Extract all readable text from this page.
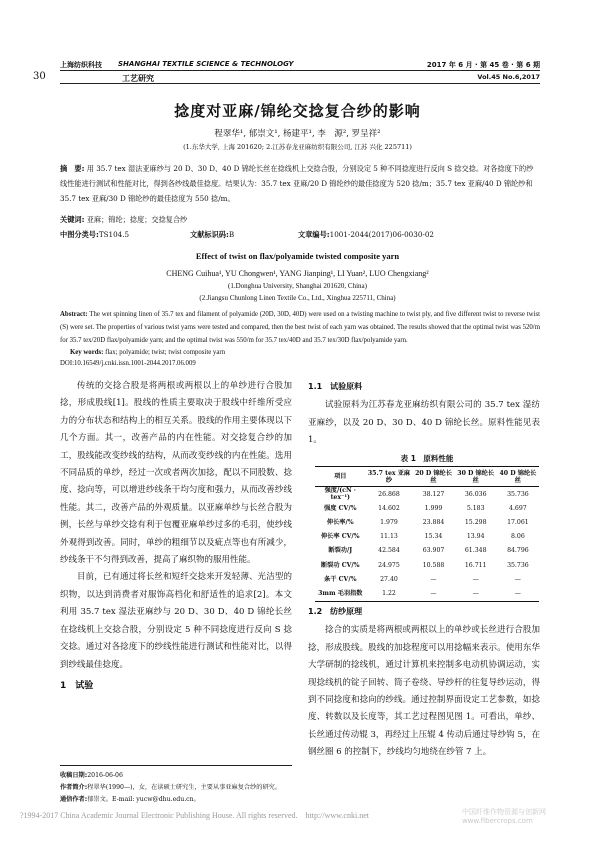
上海纺织科技 SHANGHAI TEXTILE SCIENCE & TECHNOLOGY	2017 年 6 月 · 第 45 卷 · 第 6 期
30	工艺研究	Vol.45 No.6,2017
捻度对亚麻/锦纶交捻复合纱的影响
程翠华¹, 郁崇文¹, 杨建平¹, 李　源², 罗呈祥²
(1.东华大学, 上海 201620; 2.江苏春龙亚麻纺织有限公司, 江苏 兴化 225711)
摘　要: 用 35.7 tex 湿法亚麻纱与 20 D、30 D、40 D 锦纶长丝在捻线机上交捻合股，分别设定 5 种不同捻度进行反向 S 捻交捻。对各捻度下的纱线性能进行测试和性能对比，得到各纱线最佳捻度。结果认为：35.7 tex 亚麻/20 D 锦纶纱的最佳捻度为 520 捻/m；35.7 tex 亚麻/40 D 锦纶纱和 35.7 tex 亚麻/30 D 锦纶纱的最佳捻度为 550 捻/m。
关键词: 亚麻；锦纶；捻度；交捻复合纱
中图分类号:TS104.5	文献标识码:B	文章编号:1001-2044(2017)06-0030-02
Effect of twist on flax/polyamide twisted composite yarn
CHENG Cuihua¹, YU Chongwen¹, YANG Jianping¹, LI Yuan², LUO Chengxiang²
(1.Donghua University, Shanghai 201620, China)
(2.Jiangsu Chunlong Linen Textile Co., Ltd., Xinghua 225711, China)
Abstract: The wet spinning linen of 35.7 tex and filament of polyamide (20D, 30D, 40D) were used on a twisting machine to twist ply, and five different twist to reverse twist (S) were set. The properties of various twist yarns were tested and compared, then the best twist of each yarn was obtained. The results showed that the optimal twist was 520/m for 35.7 tex/20D flax/polyamide yarn; and the optimal twist was 550/m for 35.7 tex/40D and 35.7 tex/30D flax/polyamide yarn.
Key words: flax; polyamide; twist; twist composite yarn
DOI:10.16549/j.cnki.issn.1001-2044.2017.06.009

传统的交捻合股是将两根或两根以上的单纱进行合股加捻，形成股线[1]。股线的性质主要取决于股线中纤维所受应力的分布状态和结构上的相互关系。股线的作用主要体现以下几个方面。其一，改善产品的内在性能。对交捻复合纱的加工，股线能改变纱线的结构，从而改变纱线的内在性能。选用不同品质的单纱，经过一次或者两次加捻，配以不同股数、捻度、捻向等，可以增进纱线条干均匀度和强力，从而改善纱线性能。其二，改善产品的外观质量。以亚麻单纱与长丝合股为例，长丝与单纱交捻有利于包覆亚麻单纱过多的毛羽，使纱线外观得到改善。同时，单纱的粗细节以及疵点等也有所减少，纱线条干不匀得到改善，提高了麻织物的服用性能。

目前，已有通过将长丝和短纤交捻来开发轻薄、光洁型的织物，以达到消费者对服饰高档化和舒适性的追求[2]。本文利用 35.7 tex 湿法亚麻纱与 20 D、30 D、40 D 锦纶长丝在捻线机上交捻合股，分别设定 5 种不同捻度进行反向 S 捻交捻。通过对各捻度下的纱线性能进行测试和性能对比，以得到纱线最佳捻度。

1　试验
收稿日期:2016-06-06
作者简介:程翠华(1990—)，女，在读硕士研究生，主要从事亚麻复合纱的研究。
通信作者:郁崇文。E-mail: yucw@dhu.edu.cn。
1.1　试验原料

试验原料为江苏春龙亚麻纺织有限公司的 35.7 tex 湿纺亚麻纱，以及 20 D、30 D、40 D 锦纶长丝。原料性能见表 1。

表 1　原料性能
项目	35.7 tex 亚麻纱	20 D 锦纶长丝	30 D 锦纶长丝	40 D 锦纶长丝
强度/(cN · tex⁻¹)	26.868	38.127	36.036	35.736
强度 CV/%	14.602	1.999	5.183	4.697
伸长率/%	1.979	23.884	15.298	17.061
伸长率 CV/%	11.13	15.34	13.94	8.06
断裂功/J	42.584	63.907	61.348	84.796
断裂功 CV/%	24.975	10.588	16.711	35.736
条干 CV/%	27.40	—	—	—
3mm 毛羽指数	1.22	—	—	—
1.2　纺纱原理

捻合的实质是将两根或两根以上的单纱或长丝进行合股加捻，形成股线。股线的加捻程度可以用捻幅来表示。使用东华大学研制的捻线机，通过计算机来控制多电动机协调运动，实现捻线机的锭子回转、筒子卷绕、导纱杆的往复导纱运动，得到不同捻度和捻向的纱线。通过控制界面设定工艺参数，如捻度、转数以及长度等，其工艺过程图见图 1。可看出，单纱、长丝通过传动辊 3，再经过上压辊 4 传动后通过导纱钩 5，在钢丝圈 6 的控制下，纱线均匀地绕在纱管 7 上。

?1994-2017 China Academic Journal Electronic Publishing House. All rights reserved. http://www.cnki.net	中国纤维作物资源与创新网 www.fibercrops.com
